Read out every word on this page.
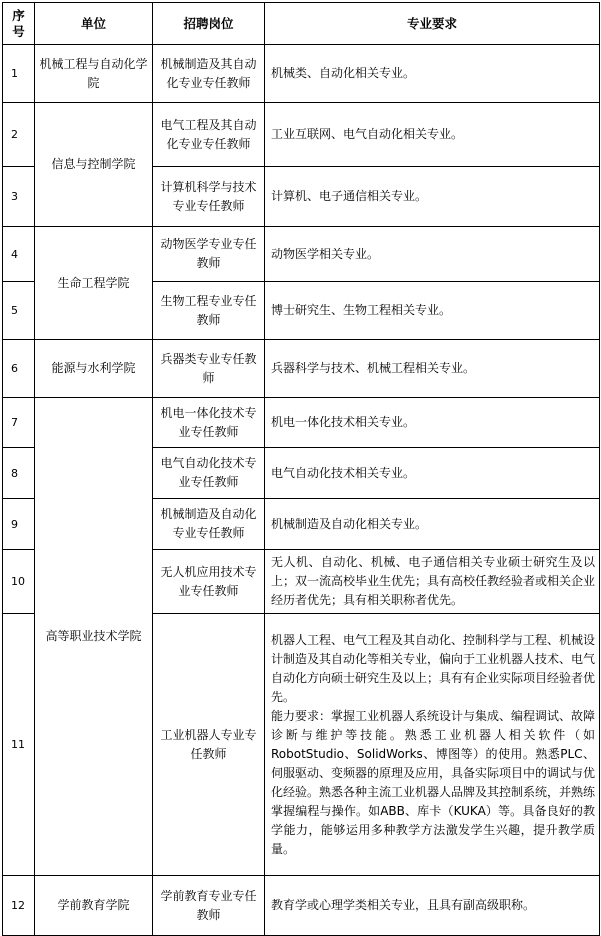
序号	单位	招聘岗位	专业要求
1	机械工程与自动化学院	机械制造及其自动化专业专任教师	机械类、自动化相关专业。
2	信息与控制学院	电气工程及其自动化专业专任教师	工业互联网、电气自动化相关专业。
3		计算机科学与技术专业专任教师	计算机、电子通信相关专业。
4	生命工程学院	动物医学专业专任教师	动物医学相关专业。
5		生物工程专业专任教师	博士研究生、生物工程相关专业。
6	能源与水利学院	兵器类专业专任教师	兵器科学与技术、机械工程相关专业。
7	高等职业技术学院	机电一体化技术专业专任教师	机电一体化技术相关专业。
8		电气自动化技术专业专任教师	电气自动化技术相关专业。
9		机械制造及自动化专业专任教师	机械制造及自动化相关专业。
10		无人机应用技术专业专任教师	无人机、自动化、机械、电子通信相关专业硕士研究生及以上；双一流高校毕业生优先；具有高校任教经验者或相关企业经历者优先；具有相关职称者优先。
11		工业机器人专业专任教师	机器人工程、电气工程及其自动化、控制科学与工程、机械设计制造及其自动化等相关专业，偏向于工业机器人技术、电气自动化方向硕士研究生及以上；具有有企业实际项目经验者优先。
能力要求：掌握工业机器人系统设计与集成、编程调试、故障诊断与维护等技能。熟悉工业机器人相关软件（如RobotStudio、SolidWorks、博图等）的使用。熟悉PLC、伺服驱动、变频器的原理及应用，具备实际项目中的调试与优化经验。熟悉各种主流工业机器人品牌及其控制系统，并熟练掌握编程与操作。如ABB、库卡（KUKA）等。具备良好的教学能力，能够运用多种教学方法激发学生兴趣，提升教学质量。

12	学前教育学院	学前教育专业专任教师	教育学或心理学类相关专业，且具有副高级职称。
